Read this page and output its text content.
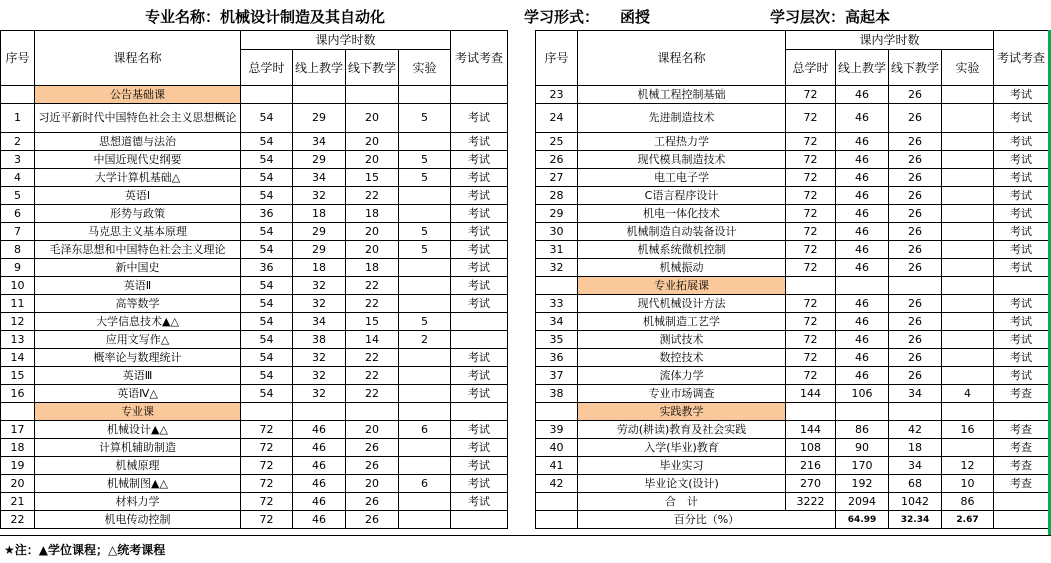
专业名称：机械设计制造及其自动化	学习形式： 函授	学习层次：高起本
序号	课程名称	课内学时数				考试考查
		总学时	线上教学	线下教学	实验	
	公告基础课					
1	习近平新时代中国特色社会主义思想概论	54	29	20	5	考试
2	思想道德与法治	54	34	20		考试
3	中国近现代史纲要	54	29	20	5	考试
4	大学计算机基础△	54	34	15	5	考试
5	英语Ⅰ	54	32	22		考试
6	形势与政策	36	18	18		考试
7	马克思主义基本原理	54	29	20	5	考试
8	毛泽东思想和中国特色社会主义理论	54	29	20	5	考试
9	新中国史	36	18	18		考试
10	英语Ⅱ	54	32	22		考试
11	高等数学	54	32	22		考试
12	大学信息技术▲△	54	34	15	5	
13	应用文写作△	54	38	14	2	
14	概率论与数理统计	54	32	22		考试
15	英语Ⅲ	54	32	22		考试
16	英语Ⅳ△	54	32	22		考试
	专业课					
17	机械设计▲△	72	46	20	6	考试
18	计算机辅助制造	72	46	26		考试
19	机械原理	72	46	26		考试
20	机械制图▲△	72	46	20	6	考试
21	材料力学	72	46	26		考试
22	机电传动控制	72	46	26		
序号	课程名称	课内学时数				考试考查
		总学时	线上教学	线下教学	实验	
23	机械工程控制基础	72	46	26		考试
24	先进制造技术	72	46	26		考试
25	工程热力学	72	46	26		考试
26	现代模具制造技术	72	46	26		考试
27	电工电子学	72	46	26		考试
28	C语言程序设计	72	46	26		考试
29	机电一体化技术	72	46	26		考试
30	机械制造自动装备设计	72	46	26		考试
31	机械系统微机控制	72	46	26		考试
32	机械振动	72	46	26		考试
	专业拓展课					
33	现代机械设计方法	72	46	26		考试
34	机械制造工艺学	72	46	26		考试
35	测试技术	72	46	26		考试
36	数控技术	72	46	26		考试
37	流体力学	72	46	26		考试
38	专业市场调查	144	106	34	4	考查
	实践教学					
39	劳动(耕读)教育及社会实践	144	86	42	16	考查
40	入学(毕业)教育	108	90	18		考查
41	毕业实习	216	170	34	12	考查
42	毕业论文(设计)	270	192	68	10	考查
	合　计	3222	2094	1042	86	
	百分比（%）		64.99	32.34	2.67	
★注：▲学位课程；△统考课程
